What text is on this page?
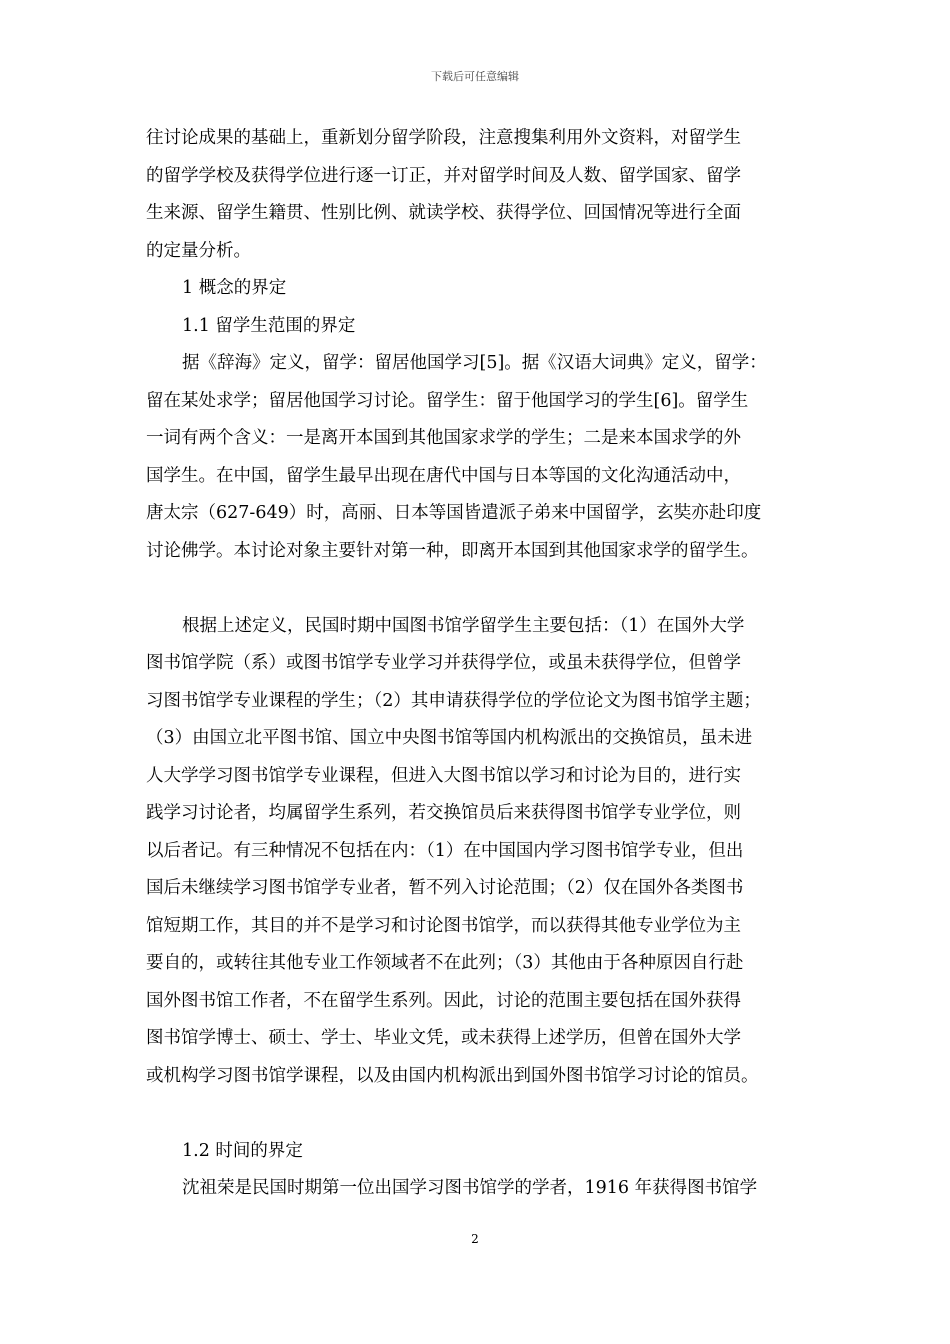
下载后可任意编辑
往讨论成果的基础上，重新划分留学阶段，注意搜集利用外文资料，对留学生
的留学学校及获得学位进行逐一订正，并对留学时间及人数、留学国家、留学
生来源、留学生籍贯、性别比例、就读学校、获得学位、回国情况等进行全面
的定量分析。
1 概念的界定
1.1 留学生范围的界定
据《辞海》定义，留学：留居他国学习[5]。据《汉语大词典》定义，留学：
留在某处求学；留居他国学习讨论。留学生：留于他国学习的学生[6]。留学生
一词有两个含义：一是离开本国到其他国家求学的学生；二是来本国求学的外
国学生。在中国，留学生最早出现在唐代中国与日本等国的文化沟通活动中，
唐太宗（627-649）时，高丽、日本等国皆遣派子弟来中国留学，玄奘亦赴印度
讨论佛学。本讨论对象主要针对第一种，即离开本国到其他国家求学的留学生。
根据上述定义，民国时期中国图书馆学留学生主要包括：（1）在国外大学
图书馆学院（系）或图书馆学专业学习并获得学位，或虽未获得学位，但曾学
习图书馆学专业课程的学生；（2）其申请获得学位的学位论文为图书馆学主题；
（3）由国立北平图书馆、国立中央图书馆等国内机构派出的交换馆员，虽未进
人大学学习图书馆学专业课程，但进入大图书馆以学习和讨论为目的，进行实
践学习讨论者，均属留学生系列，若交换馆员后来获得图书馆学专业学位，则
以后者记。有三种情况不包括在内：（1）在中国国内学习图书馆学专业，但出
国后未继续学习图书馆学专业者，暂不列入讨论范围；（2）仅在国外各类图书
馆短期工作，其目的并不是学习和讨论图书馆学，而以获得其他专业学位为主
要自的，或转往其他专业工作领域者不在此列；（3）其他由于各种原因自行赴
国外图书馆工作者，不在留学生系列。因此，讨论的范围主要包括在国外获得
图书馆学博士、硕士、学士、毕业文凭，或未获得上述学历，但曾在国外大学
或机构学习图书馆学课程，以及由国内机构派出到国外图书馆学习讨论的馆员。
1.2 时间的界定
沈祖荣是民国时期第一位出国学习图书馆学的学者，1916 年获得图书馆学
2
